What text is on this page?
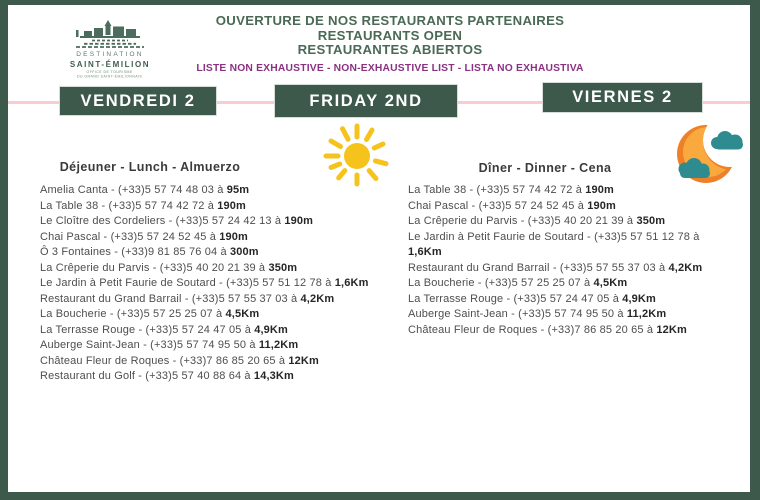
DESTINATION
SAINT-ÉMILION
OFFICE DE TOURISME
DU GRAND SAINT-ÉMILIONNAIS
OUVERTURE DE NOS RESTAURANTS PARTENAIRES
RESTAURANTS OPEN
RESTAURANTES ABIERTOS
LISTE NON EXHAUSTIVE - NON-EXHAUSTIVE LIST - LISTA NO EXHAUSTIVA
VENDREDI 2	FRIDAY 2ND	VIERNES 2
Déjeuner - Lunch - Almuerzo
Amelia Canta - (+33)5 57 74 48 03 à 95m
La Table 38 - (+33)5 57 74 42 72 à 190m
Le Cloître des Cordeliers - (+33)5 57 24 42 13 à 190m
Chai Pascal - (+33)5 57 24 52 45 à 190m
Ô 3 Fontaines - (+33)9 81 85 76 04 à 300m
La Crêperie du Parvis - (+33)5 40 20 21 39 à 350m
Le Jardin à Petit Faurie de Soutard - (+33)5 57 51 12 78 à 1,6Km
Restaurant du Grand Barrail - (+33)5 57 55 37 03 à 4,2Km
La Boucherie - (+33)5 57 25 25 07 à 4,5Km
La Terrasse Rouge - (+33)5 57 24 47 05 à 4,9Km
Auberge Saint-Jean - (+33)5 57 74 95 50 à 11,2Km
Château Fleur de Roques - (+33)7 86 85 20 65 à 12Km
Restaurant du Golf - (+33)5 57 40 88 64 à 14,3Km
Dîner - Dinner - Cena
La Table 38 - (+33)5 57 74 42 72 à 190m
Chai Pascal - (+33)5 57 24 52 45 à 190m
La Crêperie du Parvis - (+33)5 40 20 21 39 à 350m
Le Jardin à Petit Faurie de Soutard - (+33)5 57 51 12 78 à
1,6Km
Restaurant du Grand Barrail - (+33)5 57 55 37 03 à 4,2Km
La Boucherie - (+33)5 57 25 25 07 à 4,5Km
La Terrasse Rouge - (+33)5 57 24 47 05 à 4,9Km
Auberge Saint-Jean - (+33)5 57 74 95 50 à 11,2Km
Château Fleur de Roques - (+33)7 86 85 20 65 à 12Km
